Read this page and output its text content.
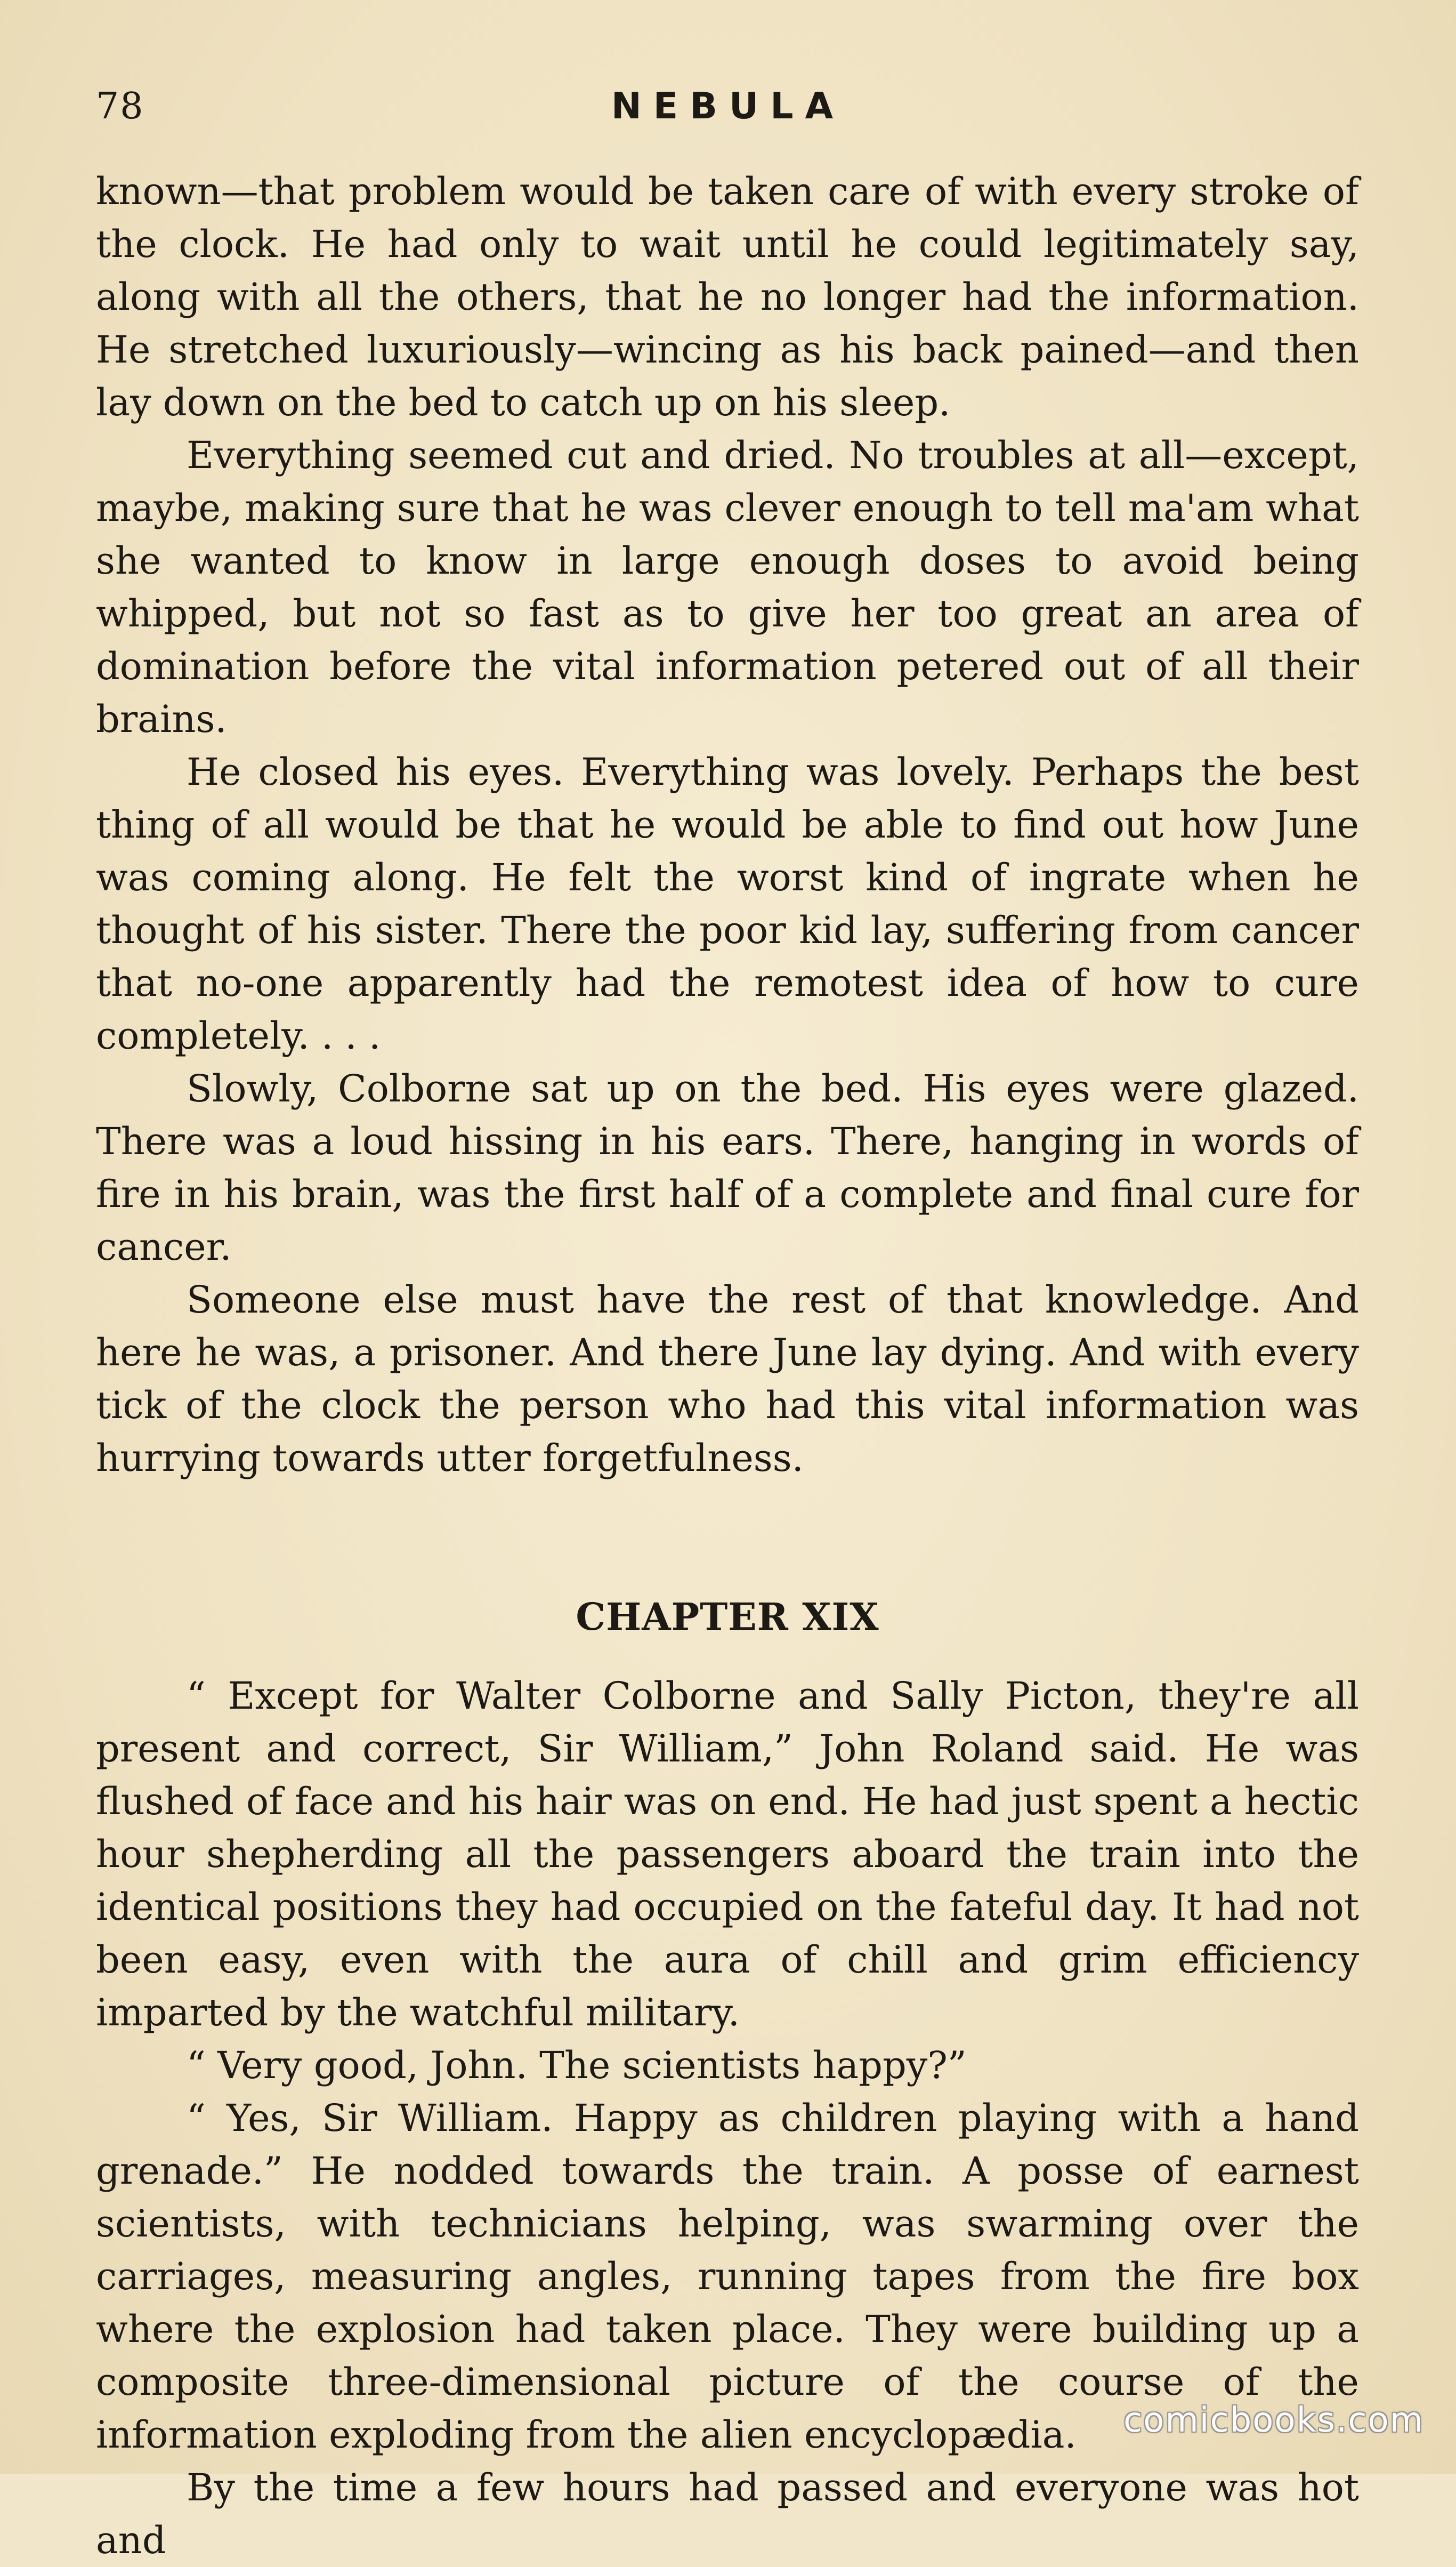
78	NEBULA

known—that problem would be taken care of with every stroke of the clock. He had only to wait until he could legitimately say, along with all the others, that he no longer had the information. He stretched luxuriously—wincing as his back pained—and then lay down on the bed to catch up on his sleep.

Everything seemed cut and dried. No troubles at all—except, maybe, making sure that he was clever enough to tell ma'am what she wanted to know in large enough doses to avoid being whipped, but not so fast as to give her too great an area of domination before the vital information petered out of all their brains.

He closed his eyes. Everything was lovely. Perhaps the best thing of all would be that he would be able to find out how June was coming along. He felt the worst kind of ingrate when he thought of his sister. There the poor kid lay, suffering from cancer that no-one apparently had the remotest idea of how to cure completely. . . .

Slowly, Colborne sat up on the bed. His eyes were glazed. There was a loud hissing in his ears. There, hanging in words of fire in his brain, was the first half of a complete and final cure for cancer.

Someone else must have the rest of that knowledge. And here he was, a prisoner. And there June lay dying. And with every tick of the clock the person who had this vital information was hurrying towards utter forgetfulness.

CHAPTER XIX

“ Except for Walter Colborne and Sally Picton, they're all present and correct, Sir William,” John Roland said. He was flushed of face and his hair was on end. He had just spent a hectic hour shepherding all the passengers aboard the train into the identical positions they had occupied on the fateful day. It had not been easy, even with the aura of chill and grim efficiency imparted by the watchful military.

“ Very good, John. The scientists happy?”

“ Yes, Sir William. Happy as children playing with a hand grenade.” He nodded towards the train. A posse of earnest scientists, with technicians helping, was swarming over the carriages, measuring angles, running tapes from the fire box where the explosion had taken place. They were building up a composite three-dimensional picture of the course of the information exploding from the alien encyclopædia.

By the time a few hours had passed and everyone was hot and

comicbooks.com
